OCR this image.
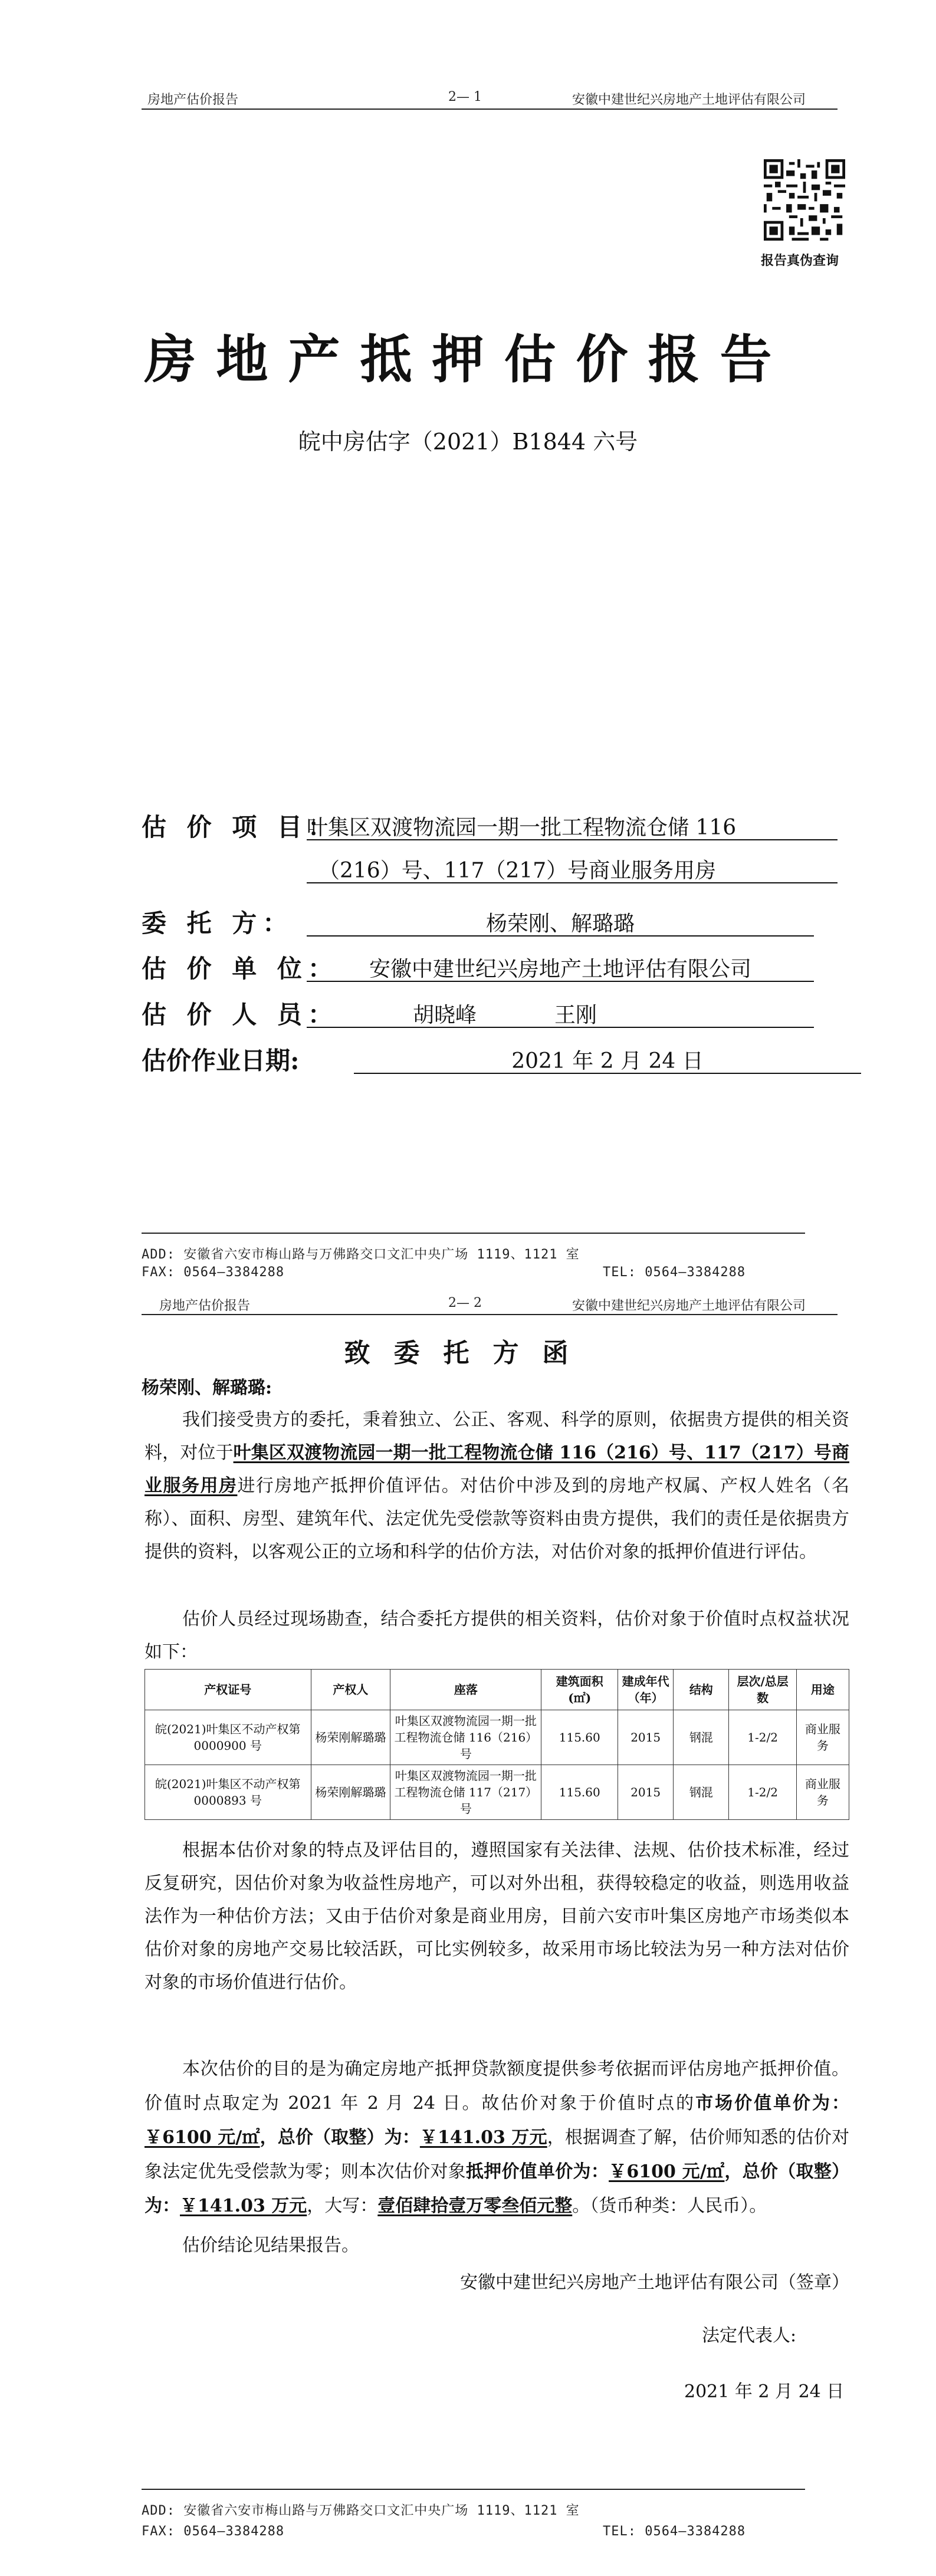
房地产估价报告	2— 1	安徽中建世纪兴房地产土地评估有限公司
报告真伪查询
房地产抵押估价报告
皖中房估字（2021）B1844 六号
估 价 项 目：
叶集区双渡物流园一期一批工程物流仓储 116
（216）号、117（217）号商业服务用房
委 托 方：	杨荣刚、解璐璐
估 价 单 位：	安徽中建世纪兴房地产土地评估有限公司
估 价 人 员：	胡晓峰	王刚
估价作业日期:	2021 年 2 月 24 日
ADD: 安徽省六安市梅山路与万佛路交口文汇中央广场 1119、1121 室
FAX: 0564—3384288	TEL: 0564—3384288
房地产估价报告	2— 2	安徽中建世纪兴房地产土地评估有限公司
致委托方函
杨荣刚、解璐璐:
我们接受贵方的委托，秉着独立、公正、客观、科学的原则，依据贵方提供的相关资料，对位于叶集区双渡物流园一期一批工程物流仓储 116（216）号、117（217）号商业服务用房进行房地产抵押价值评估。对估价中涉及到的房地产权属、产权人姓名（名称）、面积、房型、建筑年代、法定优先受偿款等资料由贵方提供，我们的责任是依据贵方提供的资料，以客观公正的立场和科学的估价方法，对估价对象的抵押价值进行评估。
估价人员经过现场勘查，结合委托方提供的相关资料，估价对象于价值时点权益状况如下：
产权证号	产权人	座落	建筑面积(㎡)	建成年代（年）	结构	层次/总层数	用途
皖(2021)叶集区不动产权第 0000900 号	杨荣刚解璐璐	叶集区双渡物流园一期一批工程物流仓储 116（216）号	115.60	2015	钢混	1-2/2	商业服务
皖(2021)叶集区不动产权第 0000893 号	杨荣刚解璐璐	叶集区双渡物流园一期一批工程物流仓储 117（217）号	115.60	2015	钢混	1-2/2	商业服务
根据本估价对象的特点及评估目的，遵照国家有关法律、法规、估价技术标准，经过反复研究，因估价对象为收益性房地产，可以对外出租，获得较稳定的收益，则选用收益法作为一种估价方法；又由于估价对象是商业用房，目前六安市叶集区房地产市场类似本估价对象的房地产交易比较活跃，可比实例较多，故采用市场比较法为另一种方法对估价对象的市场价值进行估价。
本次估价的目的是为确定房地产抵押贷款额度提供参考依据而评估房地产抵押价值。价值时点取定为 2021 年 2 月 24 日。故估价对象于价值时点的市场价值单价为：￥6100 元/㎡，总价（取整）为：￥141.03 万元，根据调查了解，估价师知悉的估价对象法定优先受偿款为零；则本次估价对象抵押价值单价为：￥6100 元/㎡，总价（取整）为：￥141.03 万元，大写：壹佰肆拾壹万零叁佰元整。（货币种类：人民币）。
估价结论见结果报告。
安徽中建世纪兴房地产土地评估有限公司（签章）
法定代表人:
2021 年 2 月 24 日
ADD: 安徽省六安市梅山路与万佛路交口文汇中央广场 1119、1121 室
FAX: 0564—3384288	TEL: 0564—3384288
